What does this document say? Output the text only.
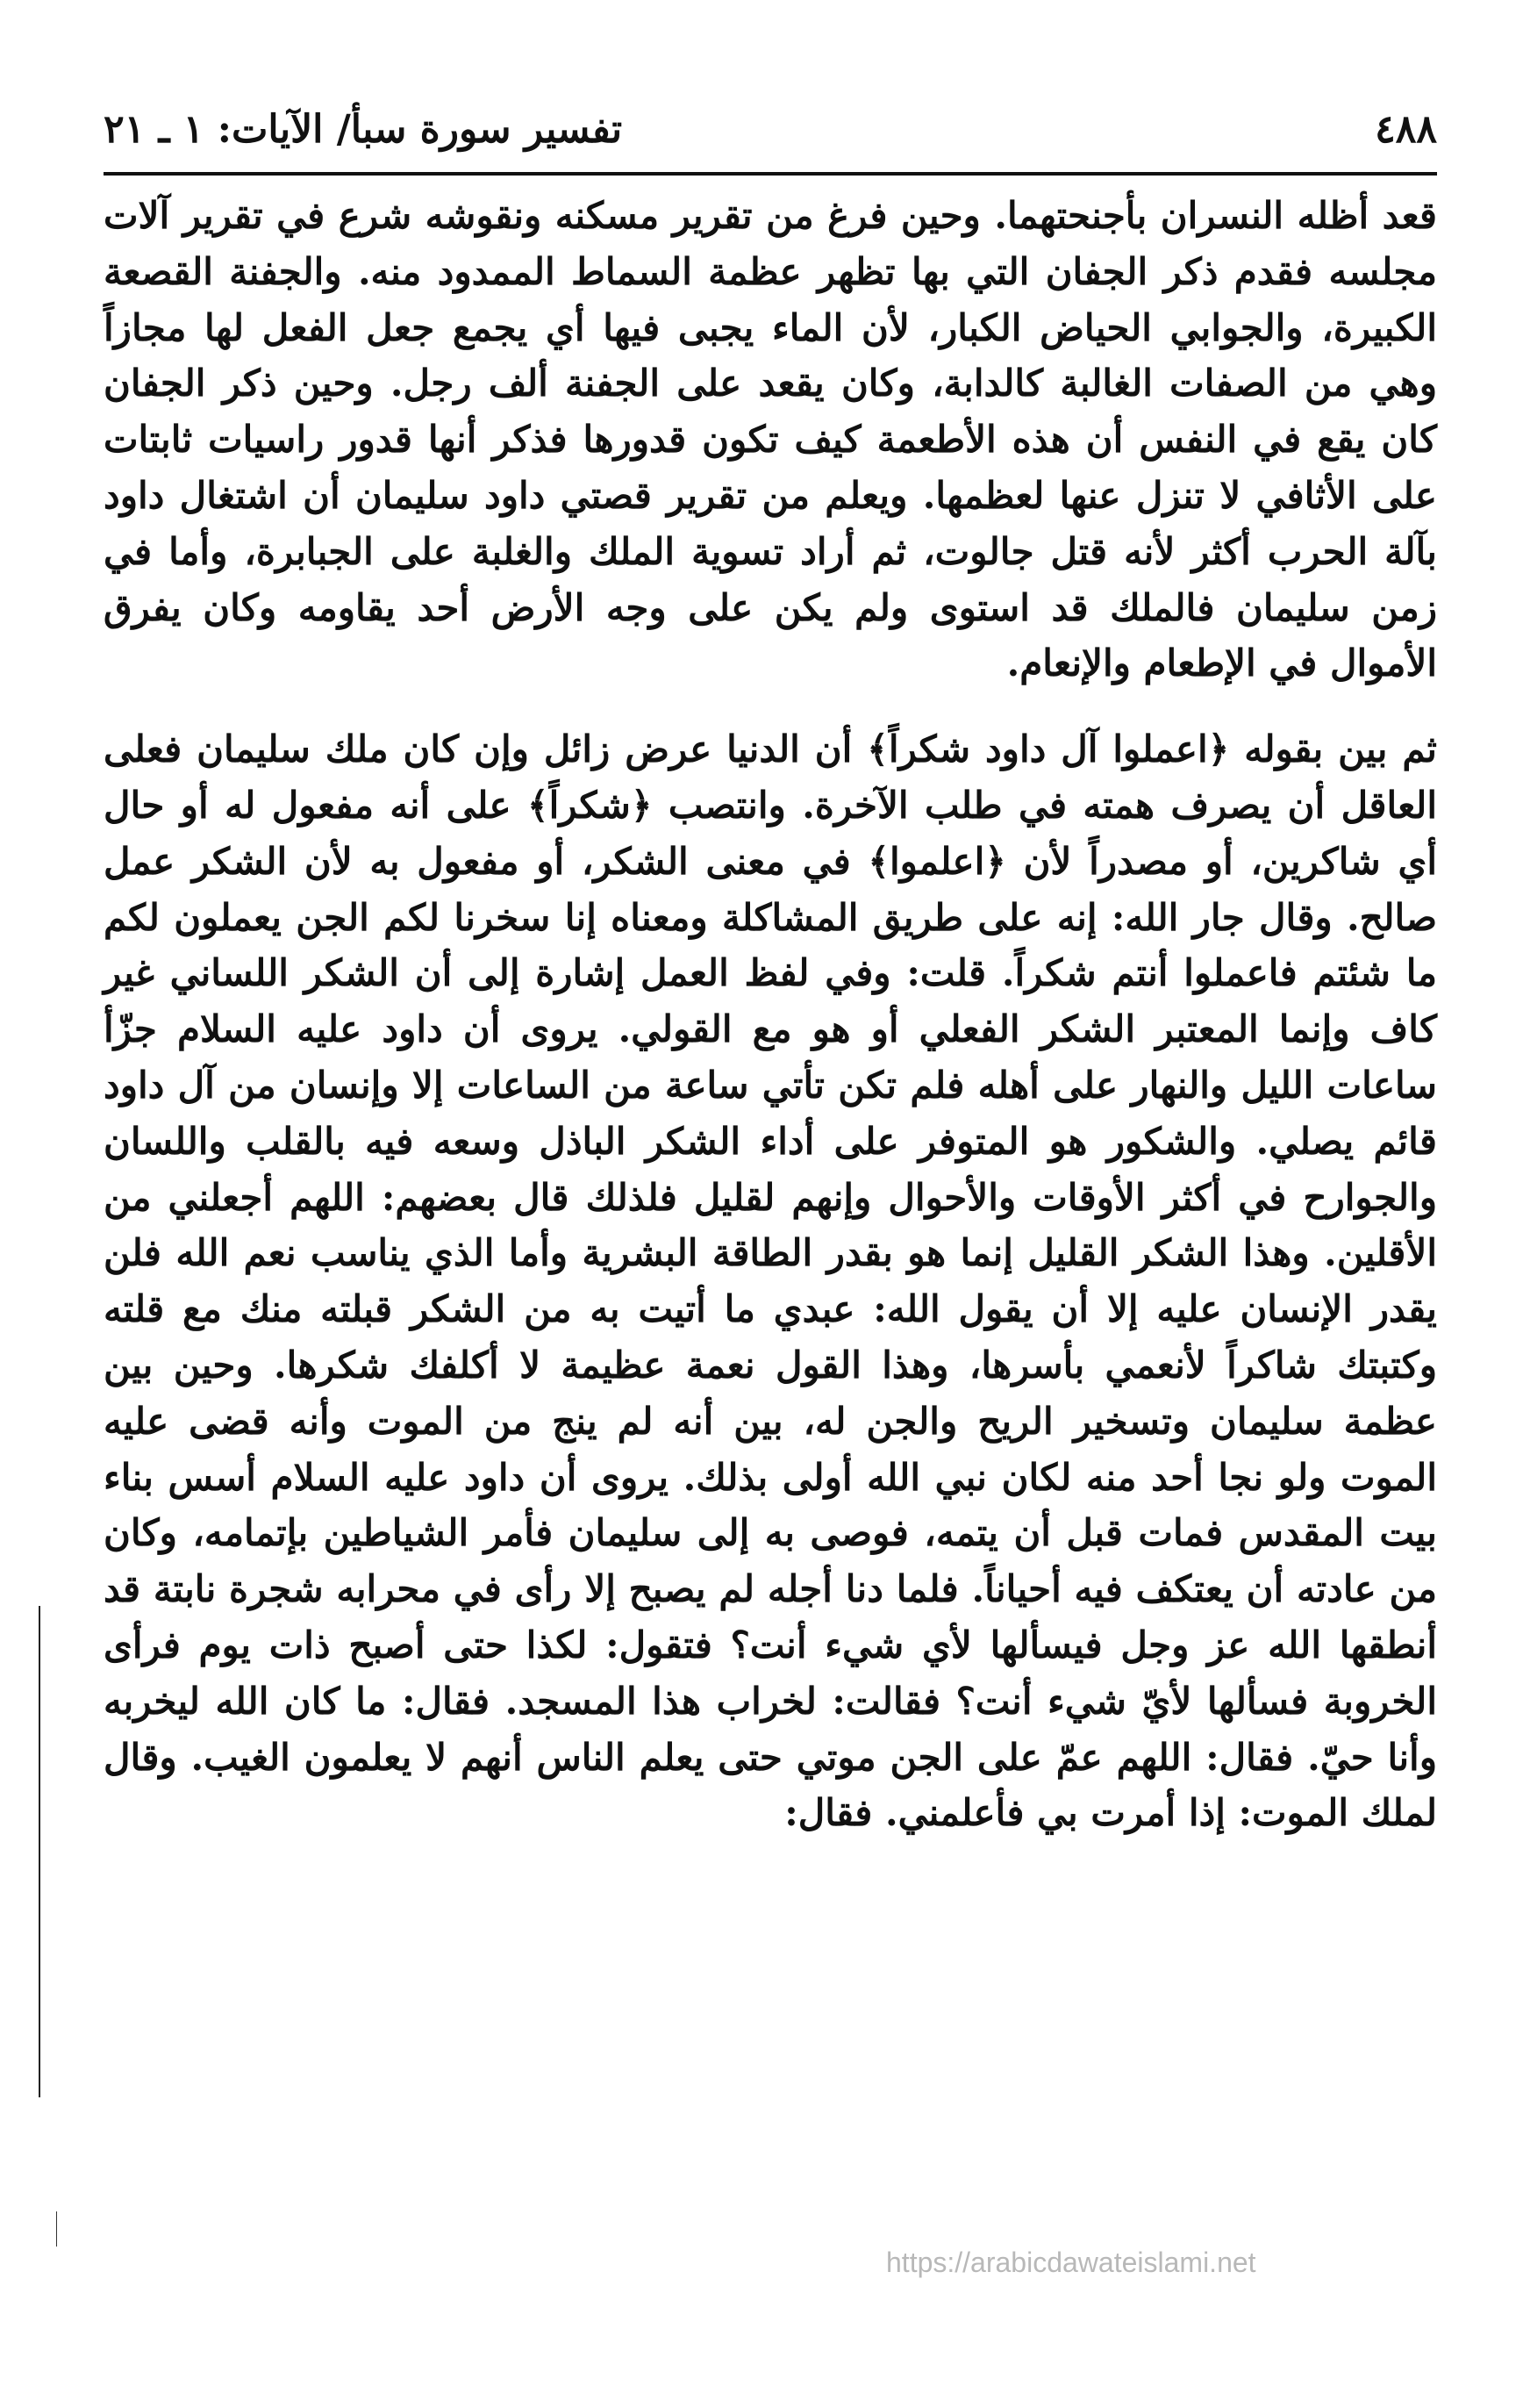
٤٨٨
تفسير سورة سبأ/ الآيات: ١ ـ ٢١

قعد أظله النسران بأجنحتهما. وحين فرغ من تقرير مسكنه ونقوشه شرع في تقرير آلات مجلسه فقدم ذكر الجفان التي بها تظهر عظمة السماط الممدود منه. والجفنة القصعة الكبيرة، والجوابي الحياض الكبار، لأن الماء يجبى فيها أي يجمع جعل الفعل لها مجازاً وهي من الصفات الغالبة كالدابة، وكان يقعد على الجفنة ألف رجل. وحين ذكر الجفان كان يقع في النفس أن هذه الأطعمة كيف تكون قدورها فذكر أنها قدور راسيات ثابتات على الأثافي لا تنزل عنها لعظمها. ويعلم من تقرير قصتي داود سليمان أن اشتغال داود بآلة الحرب أكثر لأنه قتل جالوت، ثم أراد تسوية الملك والغلبة على الجبابرة، وأما في زمن سليمان فالملك قد استوى ولم يكن على وجه الأرض أحد يقاومه وكان يفرق الأموال في الإطعام والإنعام.

ثم بين بقوله ﴿اعملوا آل داود شكراً﴾ أن الدنيا عرض زائل وإن كان ملك سليمان فعلى العاقل أن يصرف همته في طلب الآخرة. وانتصب ﴿شكراً﴾ على أنه مفعول له أو حال أي شاكرين، أو مصدراً لأن ﴿اعلموا﴾ في معنى الشكر، أو مفعول به لأن الشكر عمل صالح. وقال جار الله: إنه على طريق المشاكلة ومعناه إنا سخرنا لكم الجن يعملون لكم ما شئتم فاعملوا أنتم شكراً. قلت: وفي لفظ العمل إشارة إلى أن الشكر اللساني غير كاف وإنما المعتبر الشكر الفعلي أو هو مع القولي. يروى أن داود عليه السلام جزّأ ساعات الليل والنهار على أهله فلم تكن تأتي ساعة من الساعات إلا وإنسان من آل داود قائم يصلي. والشكور هو المتوفر على أداء الشكر الباذل وسعه فيه بالقلب واللسان والجوارح في أكثر الأوقات والأحوال وإنهم لقليل فلذلك قال بعضهم: اللهم أجعلني من الأقلين. وهذا الشكر القليل إنما هو بقدر الطاقة البشرية وأما الذي يناسب نعم الله فلن يقدر الإنسان عليه إلا أن يقول الله: عبدي ما أتيت به من الشكر قبلته منك مع قلته وكتبتك شاكراً لأنعمي بأسرها، وهذا القول نعمة عظيمة لا أكلفك شكرها. وحين بين عظمة سليمان وتسخير الريح والجن له، بين أنه لم ينج من الموت وأنه قضى عليه الموت ولو نجا أحد منه لكان نبي الله أولى بذلك. يروى أن داود عليه السلام أسس بناء بيت المقدس فمات قبل أن يتمه، فوصى به إلى سليمان فأمر الشياطين بإتمامه، وكان من عادته أن يعتكف فيه أحياناً. فلما دنا أجله لم يصبح إلا رأى في محرابه شجرة نابتة قد أنطقها الله عز وجل فيسألها لأي شيء أنت؟ فتقول: لكذا حتى أصبح ذات يوم فرأى الخروبة فسألها لأيّ شيء أنت؟ فقالت: لخراب هذا المسجد. فقال: ما كان الله ليخربه وأنا حيّ. فقال: اللهم عمّ على الجن موتي حتى يعلم الناس أنهم لا يعلمون الغيب. وقال لملك الموت: إذا أمرت بي فأعلمني. فقال:

https://arabicdawateislami.net
